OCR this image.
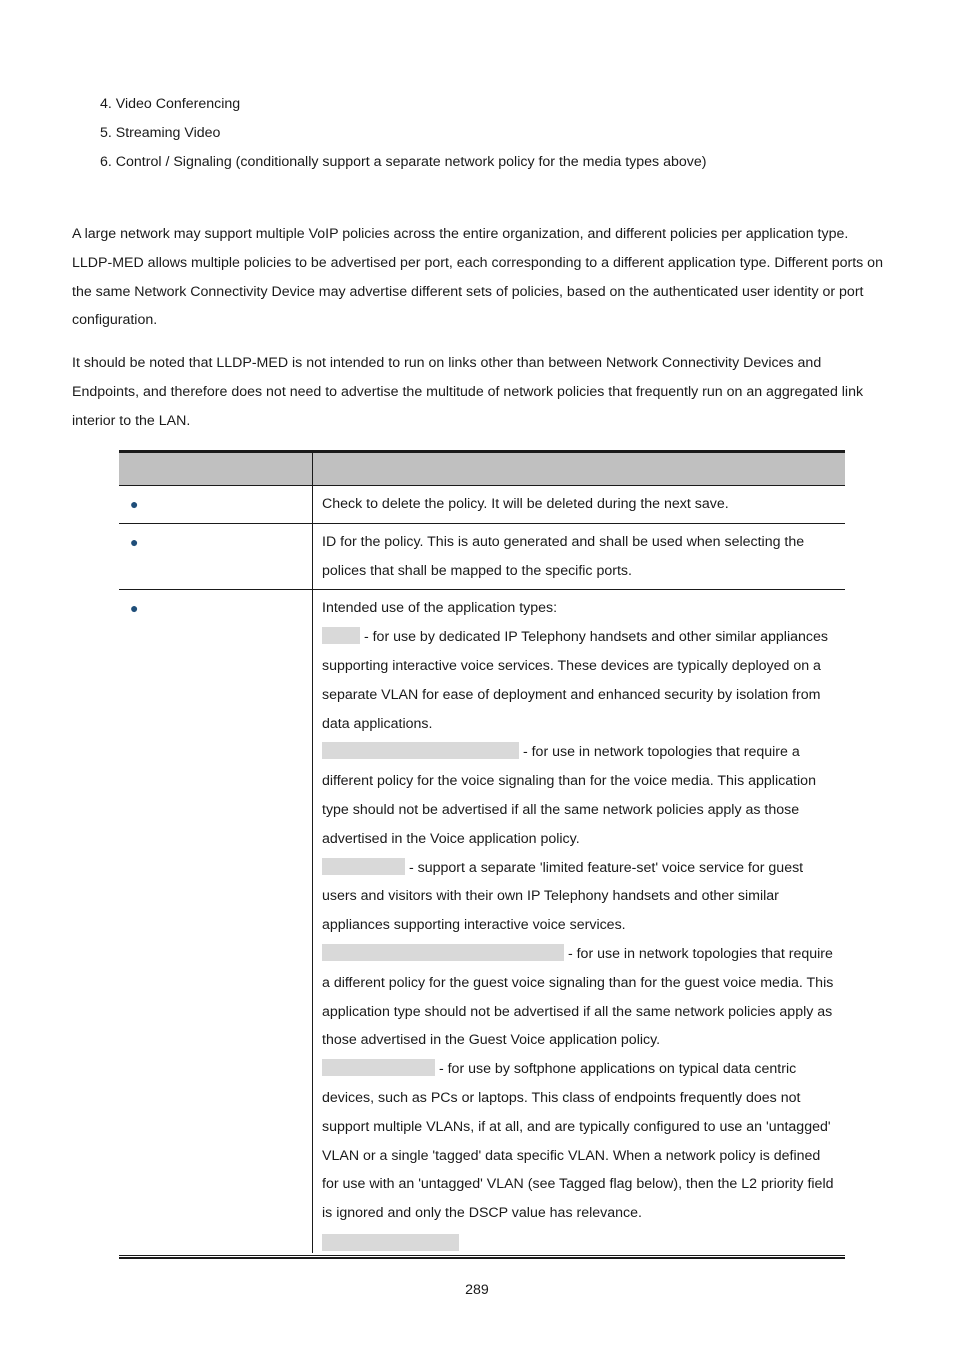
4. Video Conferencing
5. Streaming Video
6. Control / Signaling (conditionally support a separate network policy for the media types above)

A large network may support multiple VoIP policies across the entire organization, and different policies per application type. LLDP-MED allows multiple policies to be advertised per port, each corresponding to a different application type. Different ports on the same Network Connectivity Device may advertise different sets of policies, based on the authenticated user identity or port configuration.

It should be noted that LLDP-MED is not intended to run on links other than between Network Connectivity Devices and Endpoints, and therefore does not need to advertise the multitude of network policies that frequently run on an aggregated link interior to the LAN.

●	Check to delete the policy. It will be deleted during the next save.
●	ID for the policy. This is auto generated and shall be used when selecting the polices that shall be mapped to the specific ports.
●	Intended use of the application types:
- for use by dedicated IP Telephony handsets and other similar appliances supporting interactive voice services. These devices are typically deployed on a separate VLAN for ease of deployment and enhanced security by isolation from data applications.
- for use in network topologies that require a different policy for the voice signaling than for the voice media. This application type should not be advertised if all the same network policies apply as those advertised in the Voice application policy.
- support a separate 'limited feature-set' voice service for guest users and visitors with their own IP Telephony handsets and other similar appliances supporting interactive voice services.
- for use in network topologies that require a different policy for the guest voice signaling than for the guest voice media. This application type should not be advertised if all the same network policies apply as those advertised in the Guest Voice application policy.
- for use by softphone applications on typical data centric devices, such as PCs or laptops. This class of endpoints frequently does not support multiple VLANs, if at all, and are typically configured to use an 'untagged' VLAN or a single 'tagged' data specific VLAN. When a network policy is defined for use with an 'untagged' VLAN (see Tagged flag below), then the L2 priority field is ignored and only the DSCP value has relevance.
289
